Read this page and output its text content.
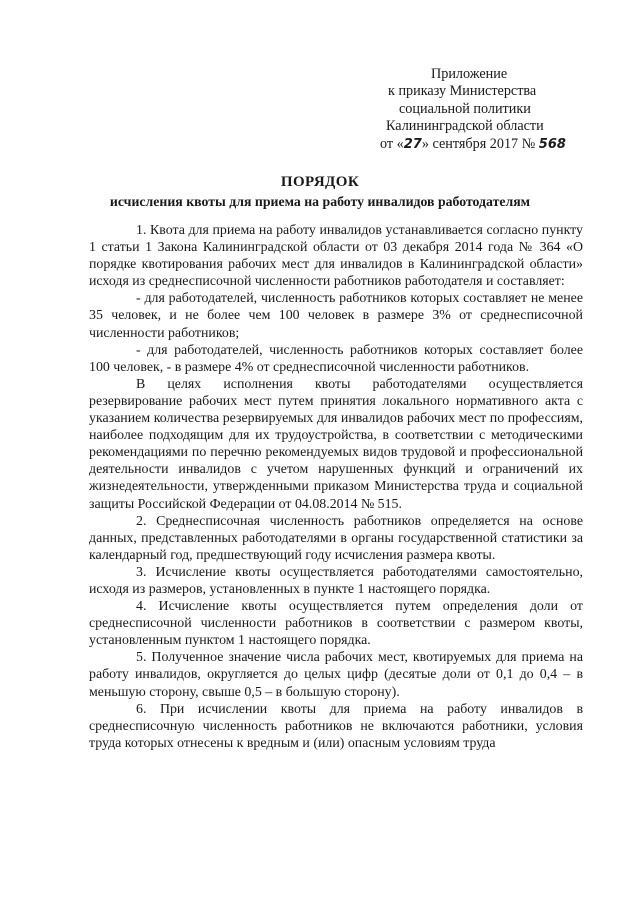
Приложение
к приказу Министерства
социальной политики
Калининградской области
от «27» сентября 2017 № 568
ПОРЯДОК
исчисления квоты для приема на работу инвалидов работодателям

1. Квота для приема на работу инвалидов устанавливается согласно пункту 1 статьи 1 Закона Калининградской области от 03 декабря 2014 года № 364 «О порядке квотирования рабочих мест для инвалидов в Калининградской области» исходя из среднесписочной численности работников работодателя и составляет:

- для работодателей, численность работников которых составляет не менее 35 человек, и не более чем 100 человек в размере 3% от среднесписочной численности работников;

- для работодателей, численность работников которых составляет более 100 человек, - в размере 4% от среднесписочной численности работников.

В целях исполнения квоты работодателями осуществляется резервирование рабочих мест путем принятия локального нормативного акта с указанием количества резервируемых для инвалидов рабочих мест по профессиям, наиболее подходящим для их трудоустройства, в соответствии с методическими рекомендациями по перечню рекомендуемых видов трудовой и профессиональной деятельности инвалидов с учетом нарушенных функций и ограничений их жизнедеятельности, утвержденными приказом Министерства труда и социальной защиты Российской Федерации от 04.08.2014 № 515.

2. Среднесписочная численность работников определяется на основе данных, представленных работодателями в органы государственной статистики за календарный год, предшествующий году исчисления размера квоты.

3. Исчисление квоты осуществляется работодателями самостоятельно, исходя из размеров, установленных в пункте 1 настоящего порядка.

4. Исчисление квоты осуществляется путем определения доли от среднесписочной численности работников в соответствии с размером квоты, установленным пунктом 1 настоящего порядка.

5. Полученное значение числа рабочих мест, квотируемых для приема на работу инвалидов, округляется до целых цифр (десятые доли от 0,1 до 0,4 – в меньшую сторону, свыше 0,5 – в большую сторону).

6. При исчислении квоты для приема на работу инвалидов в среднесписочную численность работников не включаются работники, условия труда которых отнесены к вредным и (или) опасным условиям труда
